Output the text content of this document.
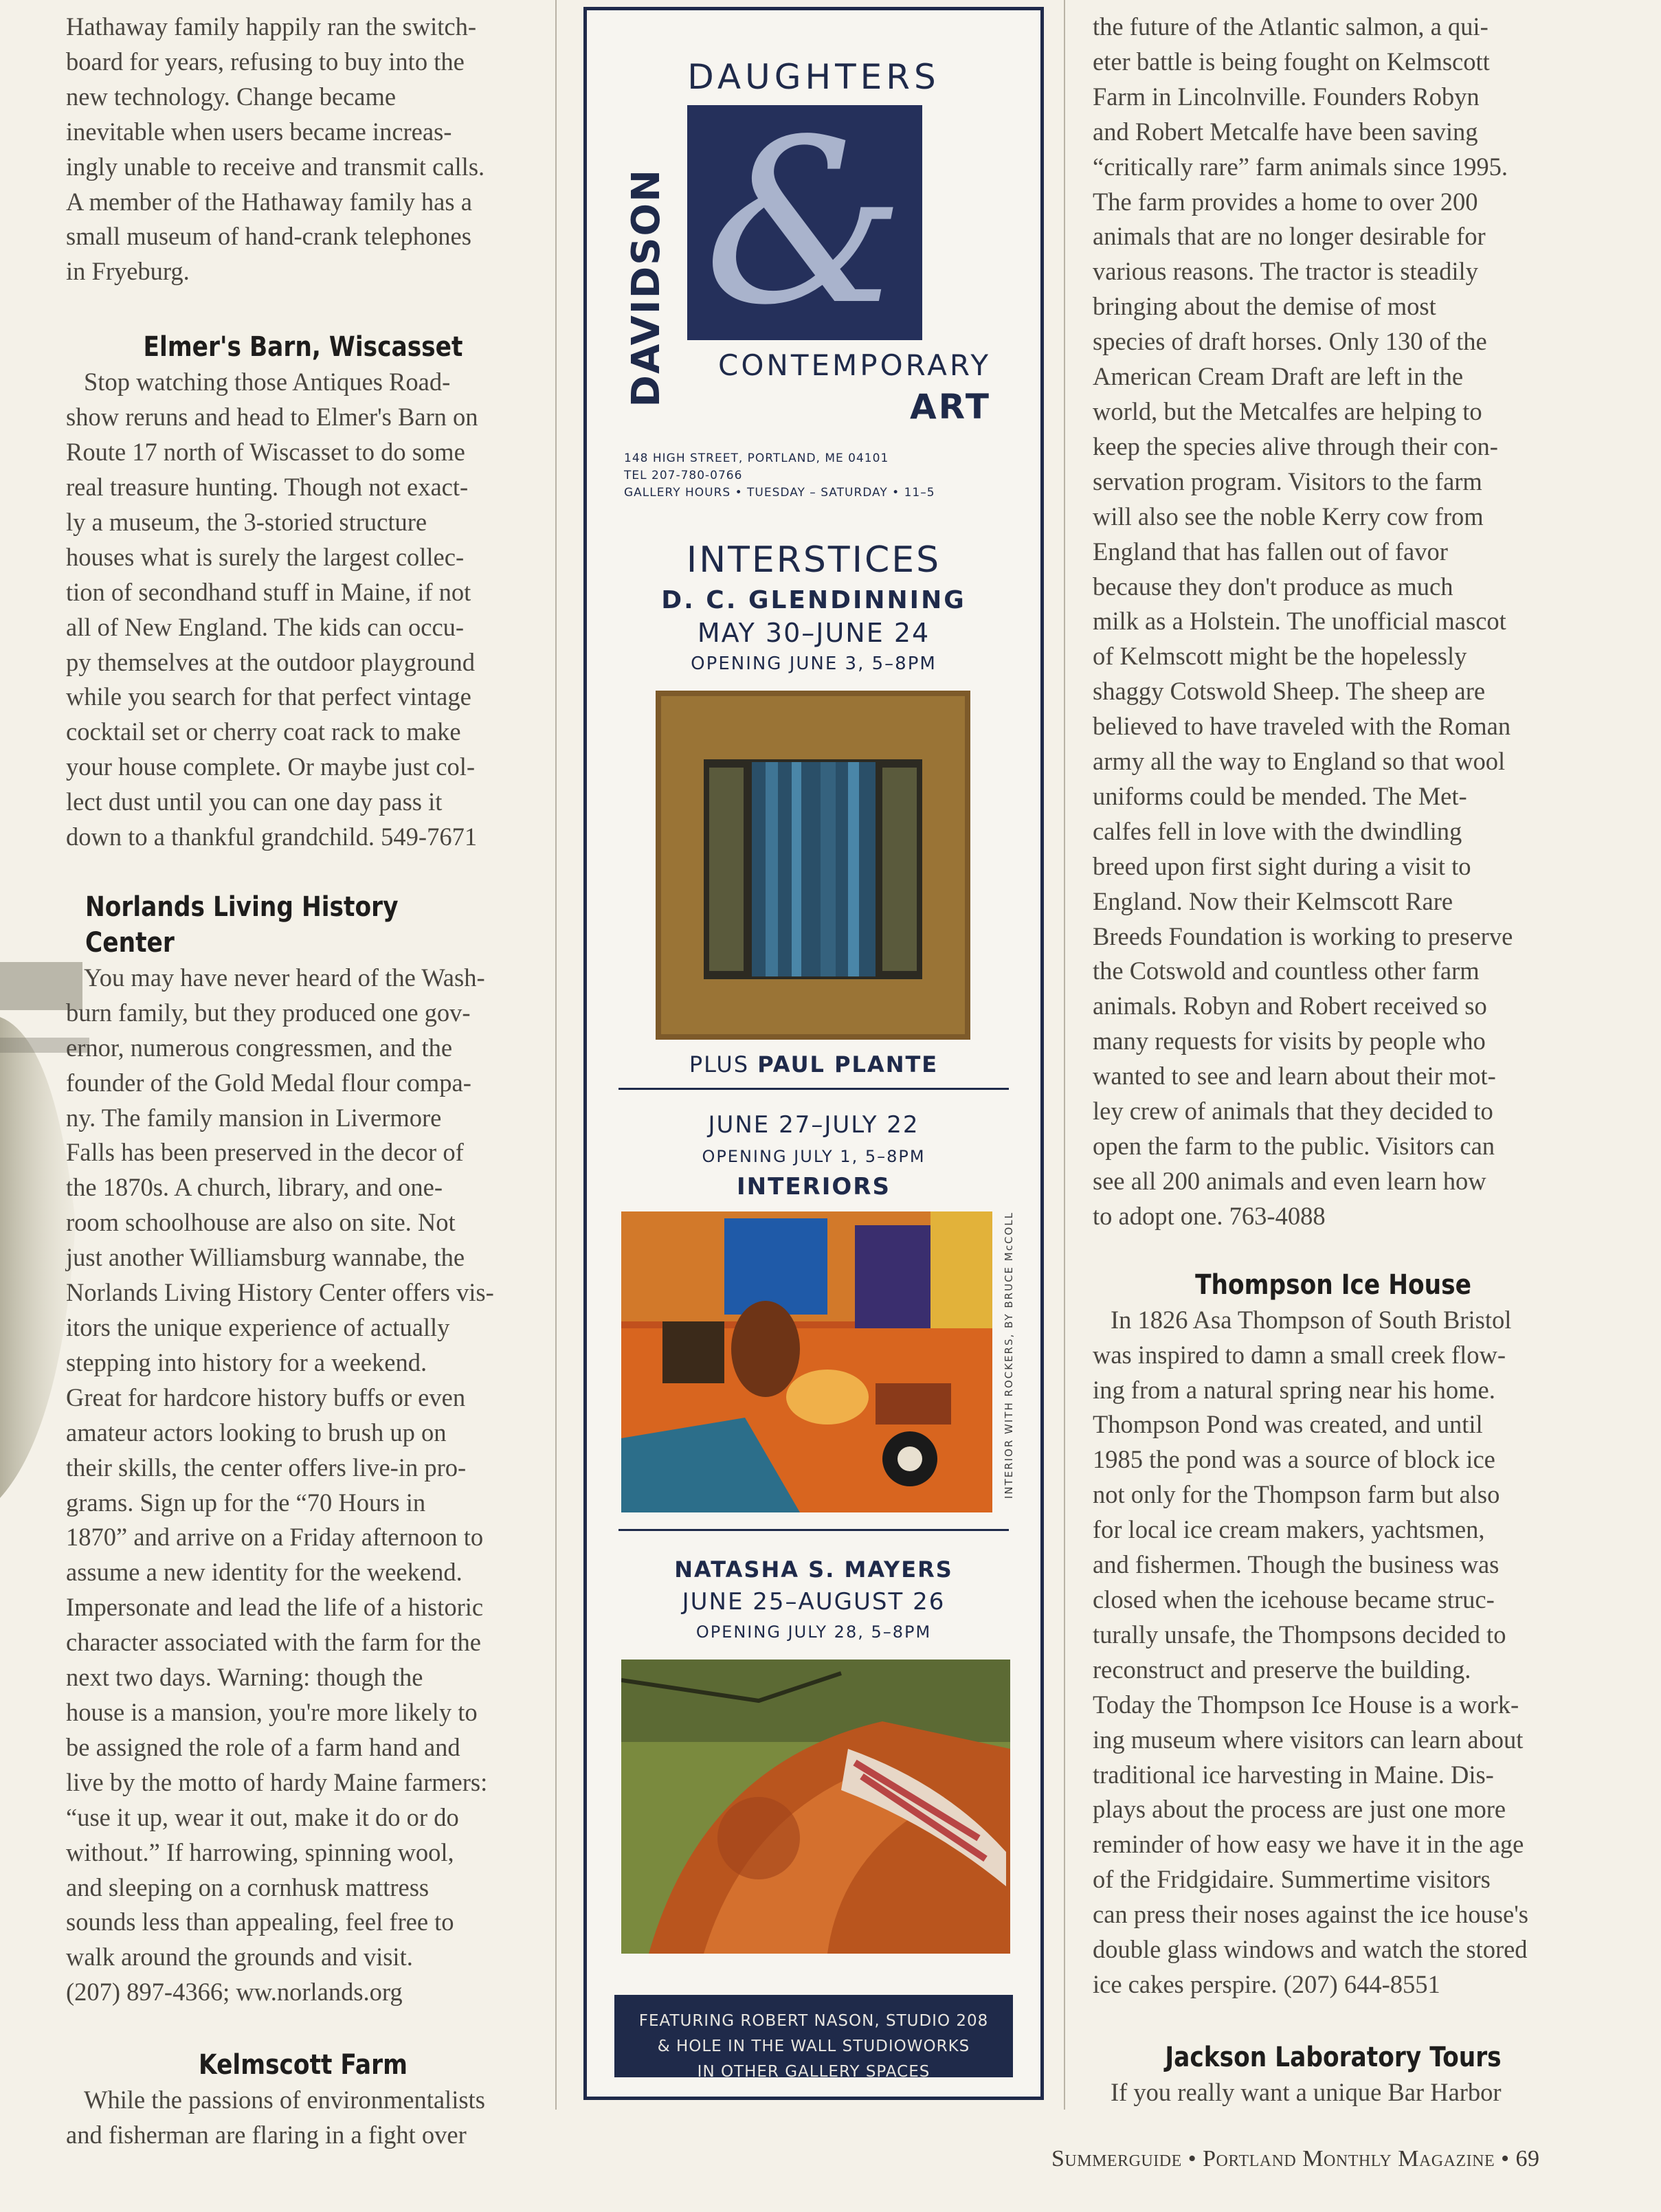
Hathaway family happily ran the switch-

board for years, refusing to buy into the

new technology. Change became

inevitable when users became increas-

ingly unable to receive and transmit calls.

A member of the Hathaway family has a

small museum of hand-crank telephones

in Fryeburg.

Elmer's Barn, Wiscasset

Stop watching those Antiques Road-

show reruns and head to Elmer's Barn on

Route 17 north of Wiscasset to do some

real treasure hunting. Though not exact-

ly a museum, the 3-storied structure

houses what is surely the largest collec-

tion of secondhand stuff in Maine, if not

all of New England. The kids can occu-

py themselves at the outdoor playground

while you search for that perfect vintage

cocktail set or cherry coat rack to make

your house complete. Or maybe just col-

lect dust until you can one day pass it

down to a thankful grandchild. 549-7671

Norlands Living History Center

You may have never heard of the Wash-

burn family, but they produced one gov-

ernor, numerous congressmen, and the

founder of the Gold Medal flour compa-

ny. The family mansion in Livermore

Falls has been preserved in the decor of

the 1870s. A church, library, and one-

room schoolhouse are also on site. Not

just another Williamsburg wannabe, the

Norlands Living History Center offers vis-

itors the unique experience of actually

stepping into history for a weekend.

Great for hardcore history buffs or even

amateur actors looking to brush up on

their skills, the center offers live-in pro-

grams. Sign up for the “70 Hours in

1870” and arrive on a Friday afternoon to

assume a new identity for the weekend.

Impersonate and lead the life of a historic

character associated with the farm for the

next two days. Warning: though the

house is a mansion, you're more likely to

be assigned the role of a farm hand and

live by the motto of hardy Maine farmers:

“use it up, wear it out, make it do or do

without.” If harrowing, spinning wool,

and sleeping on a cornhusk mattress

sounds less than appealing, feel free to

walk around the grounds and visit.

(207) 897-4366; ww.norlands.org

Kelmscott Farm

While the passions of environmentalists

and fisherman are flaring in a fight over

the future of the Atlantic salmon, a qui-

eter battle is being fought on Kelmscott

Farm in Lincolnville. Founders Robyn

and Robert Metcalfe have been saving

“critically rare” farm animals since 1995.

The farm provides a home to over 200

animals that are no longer desirable for

various reasons. The tractor is steadily

bringing about the demise of most

species of draft horses. Only 130 of the

American Cream Draft are left in the

world, but the Metcalfes are helping to

keep the species alive through their con-

servation program. Visitors to the farm

will also see the noble Kerry cow from

England that has fallen out of favor

because they don't produce as much

milk as a Holstein. The unofficial mascot

of Kelmscott might be the hopelessly

shaggy Cotswold Sheep. The sheep are

believed to have traveled with the Roman

army all the way to England so that wool

uniforms could be mended. The Met-

calfes fell in love with the dwindling

breed upon first sight during a visit to

England. Now their Kelmscott Rare

Breeds Foundation is working to preserve

the Cotswold and countless other farm

animals. Robyn and Robert received so

many requests for visits by people who

wanted to see and learn about their mot-

ley crew of animals that they decided to

open the farm to the public. Visitors can

see all 200 animals and even learn how

to adopt one. 763-4088

Thompson Ice House

In 1826 Asa Thompson of South Bristol

was inspired to damn a small creek flow-

ing from a natural spring near his home.

Thompson Pond was created, and until

1985 the pond was a source of block ice

not only for the Thompson farm but also

for local ice cream makers, yachtsmen,

and fishermen. Though the business was

closed when the icehouse became struc-

turally unsafe, the Thompsons decided to

reconstruct and preserve the building.

Today the Thompson Ice House is a work-

ing museum where visitors can learn about

traditional ice harvesting in Maine. Dis-

plays about the process are just one more

reminder of how easy we have it in the age

of the Fridgidaire. Summertime visitors

can press their noses against the ice house's

double glass windows and watch the stored

ice cakes perspire. (207) 644-8551

Jackson Laboratory Tours

If you really want a unique Bar Harbor

DAUGHTERS
DAVIDSON &
CONTEMPORARY
ART
148 HIGH STREET, PORTLAND, ME 04101
TEL 207-780-0766
GALLERY HOURS • TUESDAY – SATURDAY • 11–5
INTERSTICES
D. C. GLENDINNING
MAY 30–JUNE 24
OPENING JUNE 3, 5–8PM
PLUS PAUL PLANTE
JUNE 27–JULY 22
OPENING JULY 1, 5–8PM
INTERIORS
INTERIOR WITH ROCKERS, BY BRUCE McCOLL
NATASHA S. MAYERS
JUNE 25–AUGUST 26
OPENING JULY 28, 5–8PM
FEATURING ROBERT NASON, STUDIO 208
& HOLE IN THE WALL STUDIOWORKS
IN OTHER GALLERY SPACES
Summerguide • Portland Monthly Magazine • 69
